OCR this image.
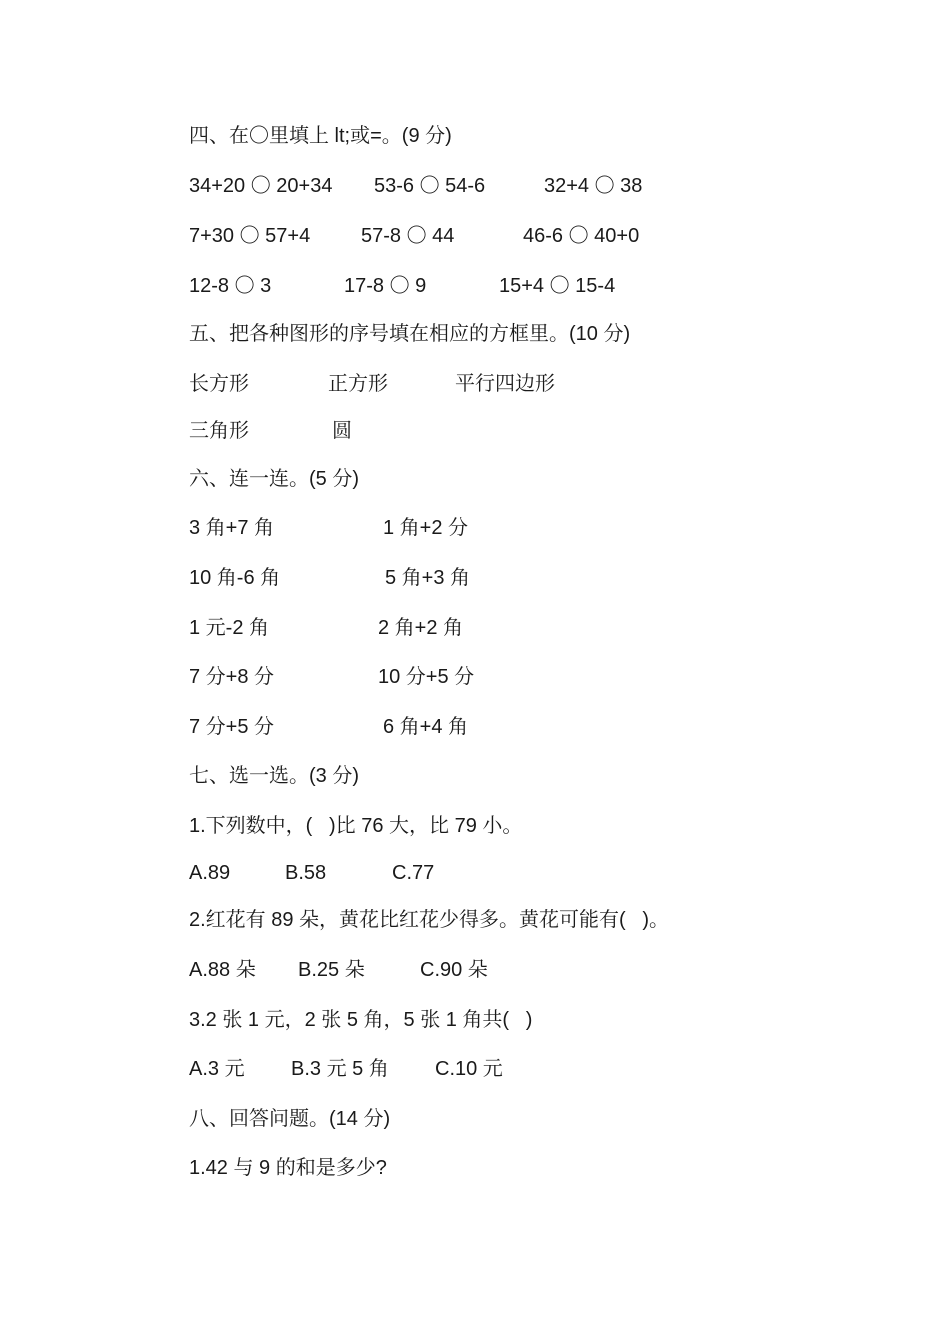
四、在〇里填上 lt;或=。(9 分)
34+20 〇 20+34 53-6 〇 54-6	32+4 〇 38
7+30 〇 57+4	57-8 〇 44	46-6 〇 40+0
12-8 〇 3	17-8 〇 9	15+4 〇 15-4
五、把各种图形的序号填在相应的方框里。(10 分)
长方形	正方形	平行四边形
三角形	圆
六、连一连。(5 分)
3 角+7 角	1 角+2 分
10 角-6 角	5 角+3 角
1 元-2 角	2 角+2 角
7 分+8 分	10 分+5 分
7 分+5 分	6 角+4 角
七、选一选。(3 分)
1.下列数中，(   )比 76 大，比 79 小。
A.89	B.58	C.77
2.红花有 89 朵，黄花比红花少得多。黄花可能有(   )。
A.88 朵 B.25 朵	C.90 朵
3.2 张 1 元，2 张 5 角，5 张 1 角共(   )
A.3 元 B.3 元 5 角 C.10 元
八、回答问题。(14 分)
1.42 与 9 的和是多少?
